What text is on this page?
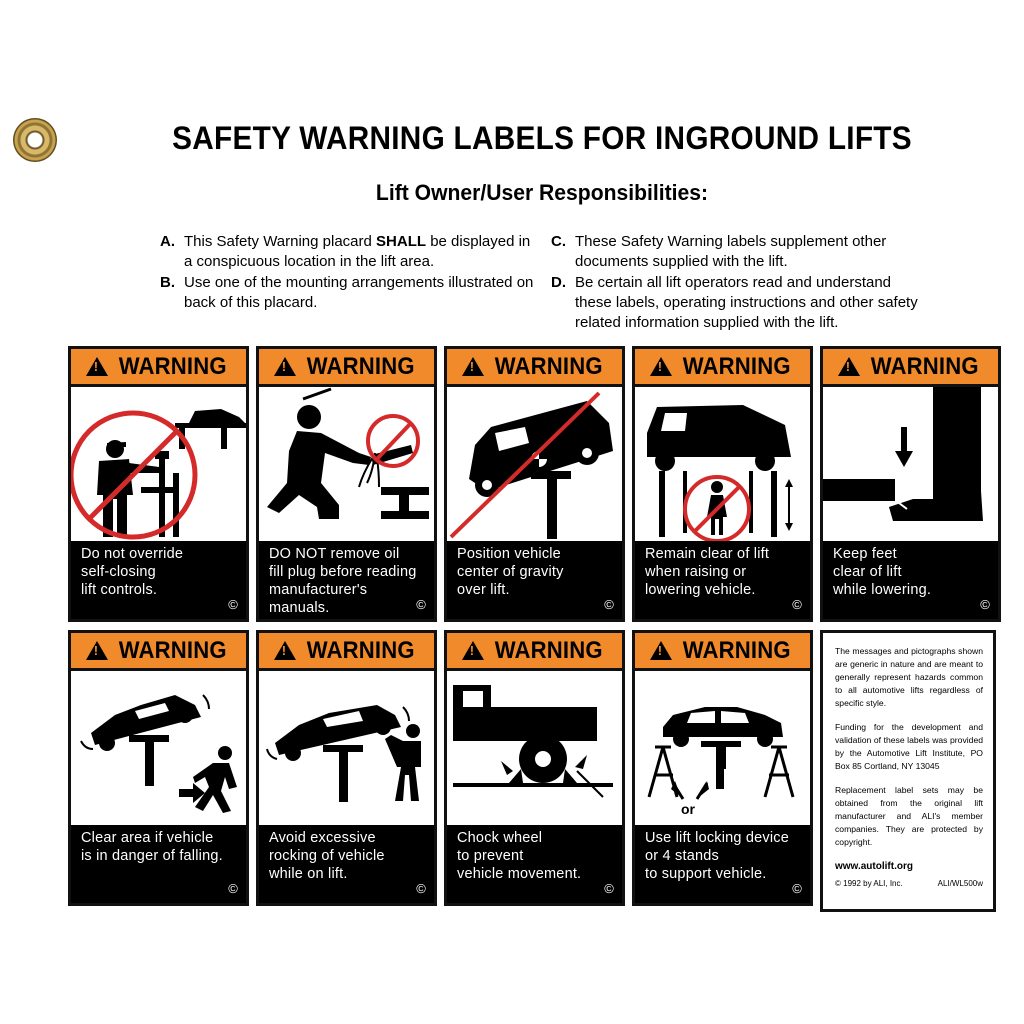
SAFETY WARNING LABELS FOR INGROUND LIFTS
Lift Owner/User Responsibilities:
A. This Safety Warning placard SHALL be displayed in a conspicuous location in the lift area.
B. Use one of the mounting arrangements illustrated on back of this placard.
C. These Safety Warning labels supplement other documents supplied with the lift.
D. Be certain all lift operators read and understand these labels, operating instructions and other safety related information supplied with the lift.
!
WARNING
Do not override
self-closing
lift controls.
©
!
WARNING
DO NOT remove oil
fill plug before reading
manufacturer's
manuals.	©
!
WARNING
Position vehicle
center of gravity
over lift.
©
!
WARNING
Remain clear of lift
when raising or
lowering vehicle.
©
!
WARNING
Keep feet
clear of lift
while lowering.
©
!
WARNING
Clear area if vehicle
is in danger of falling.
©
!
WARNING
Avoid excessive
rocking of vehicle
while on lift.
©
!
WARNING
Chock wheel
to prevent
vehicle movement.
©
!
WARNING
or
Use lift locking device
or 4 stands
to support vehicle.
©

The messages and pictographs shown are generic in nature and are meant to generally represent hazards common to all automotive lifts regardless of specific style.

Funding for the development and validation of these labels was provided by the Automotive Lift Institute, PO Box 85 Cortland, NY 13045

Replacement label sets may be obtained from the original lift manufacturer and ALI's member companies. They are protected by copyright.

www.autolift.org
© 1992 by ALI, Inc.	ALI/WL500w
